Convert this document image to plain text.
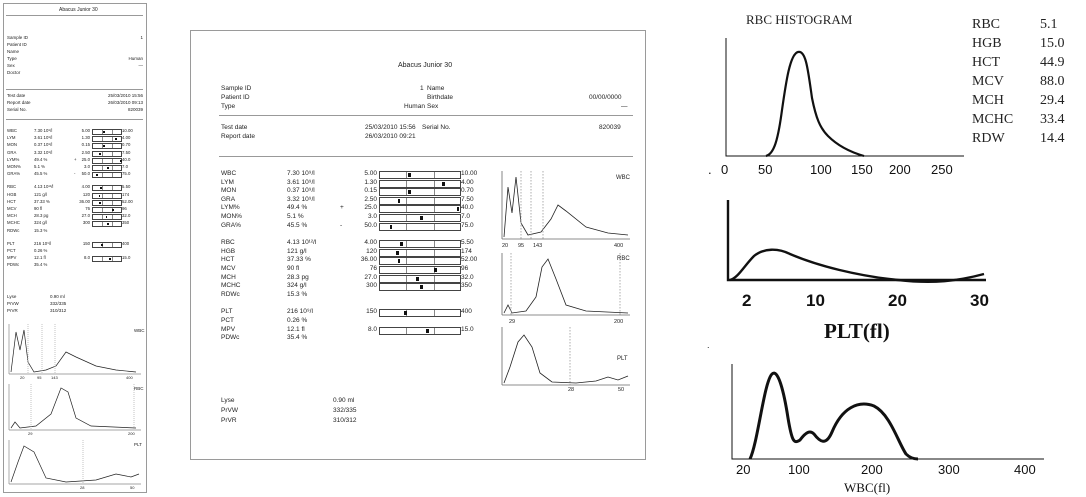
Abacus Junior 30
Sample ID	1
Patient ID
Name
Type	Human
Sex	—
Doctor
Test date	25/03/2010 15:56
Report date	26/03/2010 09:13
Serial No.	820039
WBC	7.30 10⁹/l	5.00	10.00
LYM	3.61 10⁹/l	1.30	4.00
MON	0.37 10⁹/l	0.15	0.70
GRA	3.32 10⁹/l	2.50	7.50
LYM%	49.4 %	+	25.0	40.0
MON%	5.1 %	3.0	7.0
GRA%	45.5 %	-	50.0	75.0
RBC	4.13 10¹²/l	4.00	5.50
HGB	121 g/l	120	174
HCT	37.33 %	36.00	52.00
MCV	90 fl	76	96
MCH	28.3 pg	27.0	32.0
MCHC	324 g/l	300	350
RDWc	15.3 %
PLT	216 10⁹/l	150	400
PCT	0.26 %
MPV	12.1 fl	8.0	15.0
PDWc	35.4 %
Lyse	0.90 ml
PrVW	332/335
PrVR	310/312
WBC
20	95 143	400
RBC
29	200
PLT
28	50
Abacus Junior 30
Sample ID	1 Name
Patient ID	Birthdate	00/00/0000
Type	Human Sex	—
Test date	25/03/2010 15:56 Serial No.	820039
Report date	26/03/2010 09:21
WBC	7.30 10⁹/l	5.00	10.00
LYM	3.61 10⁹/l	1.30	4.00
MON	0.37 10⁹/l	0.15	0.70
GRA	3.32 10⁹/l	2.50	7.50
LYM%	49.4 %	+	25.0	40.0
MON%	5.1 %	3.0	7.0
GRA%	45.5 %	-	50.0	75.0
RBC	4.13 10¹²/l	4.00	5.50
HGB	121 g/l	120	174
HCT	37.33 %	36.00	52.00
MCV	90 fl	76	96
MCH	28.3 pg	27.0	32.0
MCHC	324 g/l	300	350
RDWc	15.3 %
PLT	216 10⁹/l	150	400
PCT	0.26 %
MPV	12.1 fl	8.0	15.0
PDWc	35.4 %
Lyse	0.90 ml
PrVW	332/335
PrVR	310/312
WBC
20 95 143	400
RBC
29	200
PLT
28	50
RBC HISTOGRAM
0 50	100 150 200 250
.
RBC	5.1
HGB	15.0
HCT	44.9
MCV	88.0
MCH	29.4
MCHC 33.4
RDW	14.4
2	10	20	30
PLT(fl)
.
20	100	200	300	400
WBC(fl)
